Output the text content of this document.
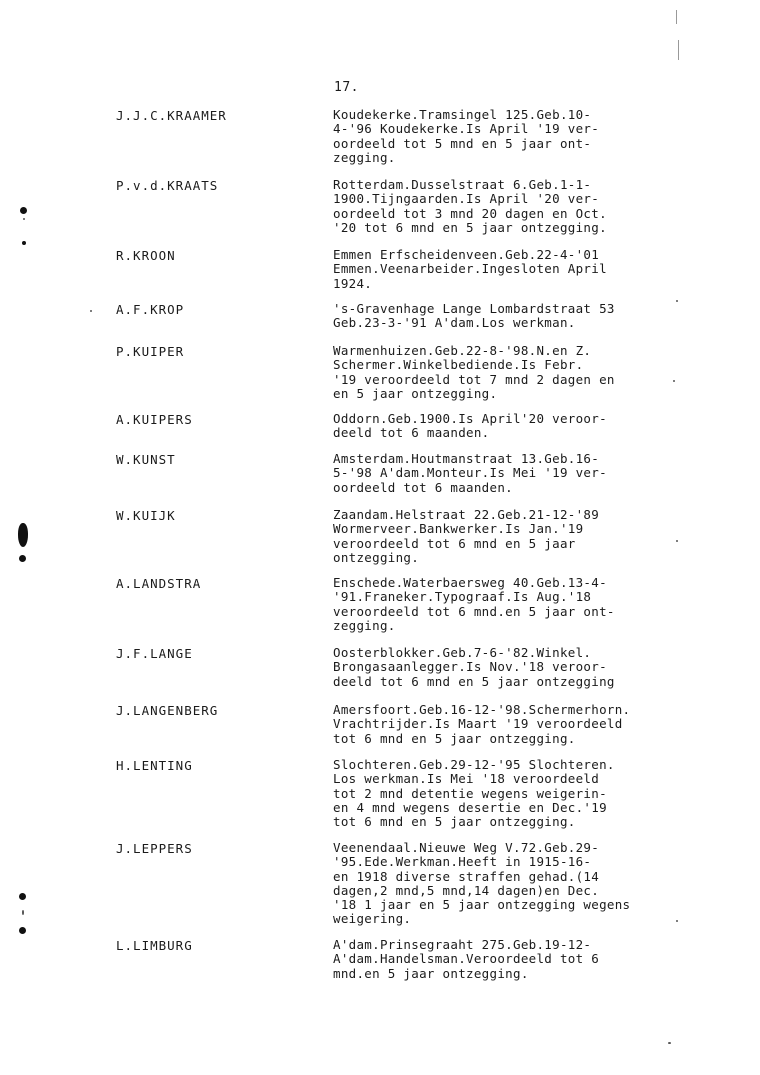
17.
J.J.C.KRAAMER	Koudekerke.Tramsingel 125.Geb.10-
4-'96 Koudekerke.Is April '19 ver-
oordeeld tot 5 mnd en 5 jaar ont-
zegging.
P.v.d.KRAATS	Rotterdam.Dusselstraat 6.Geb.1-1-
1900.Tijngaarden.Is April '20 ver-
oordeeld tot 3 mnd 20 dagen en Oct.
'20 tot 6 mnd en 5 jaar ontzegging.
R.KROON	Emmen Erfscheidenveen.Geb.22-4-'01
Emmen.Veenarbeider.Ingesloten April
1924.
A.F.KROP	's-Gravenhage Lange Lombardstraat 53
Geb.23-3-'91 A'dam.Los werkman.
P.KUIPER	Warmenhuizen.Geb.22-8-'98.N.en Z.
Schermer.Winkelbediende.Is Febr.
'19 veroordeeld tot 7 mnd 2 dagen en
en 5 jaar ontzegging.
A.KUIPERS	Oddorn.Geb.1900.Is April'20 veroor-
deeld tot 6 maanden.
W.KUNST	Amsterdam.Houtmanstraat 13.Geb.16-
5-'98 A'dam.Monteur.Is Mei '19 ver-
oordeeld tot 6 maanden.
W.KUIJK	Zaandam.Helstraat 22.Geb.21-12-'89
Wormerveer.Bankwerker.Is Jan.'19
veroordeeld tot 6 mnd en 5 jaar
ontzegging.
A.LANDSTRA	Enschede.Waterbaersweg 40.Geb.13-4-
'91.Franeker.Typograaf.Is Aug.'18
veroordeeld tot 6 mnd.en 5 jaar ont-
zegging.
J.F.LANGE	Oosterblokker.Geb.7-6-'82.Winkel.
Brongasaanlegger.Is Nov.'18 veroor-
deeld tot 6 mnd en 5 jaar ontzegging
J.LANGENBERG	Amersfoort.Geb.16-12-'98.Schermerhorn.
Vrachtrijder.Is Maart '19 veroordeeld
tot 6 mnd en 5 jaar ontzegging.
H.LENTING	Slochteren.Geb.29-12-'95 Slochteren.
Los werkman.Is Mei '18 veroordeeld
tot 2 mnd detentie wegens weigerin-
en 4 mnd wegens desertie en Dec.'19
tot 6 mnd en 5 jaar ontzegging.
J.LEPPERS	Veenendaal.Nieuwe Weg V.72.Geb.29-
'95.Ede.Werkman.Heeft in 1915-16-
en 1918 diverse straffen gehad.(14
dagen,2 mnd,5 mnd,14 dagen)en Dec.
'18 1 jaar en 5 jaar ontzegging wegens
weigering.
L.LIMBURG	A'dam.Prinsegraaht 275.Geb.19-12-
A'dam.Handelsman.Veroordeeld tot 6
mnd.en 5 jaar ontzegging.
